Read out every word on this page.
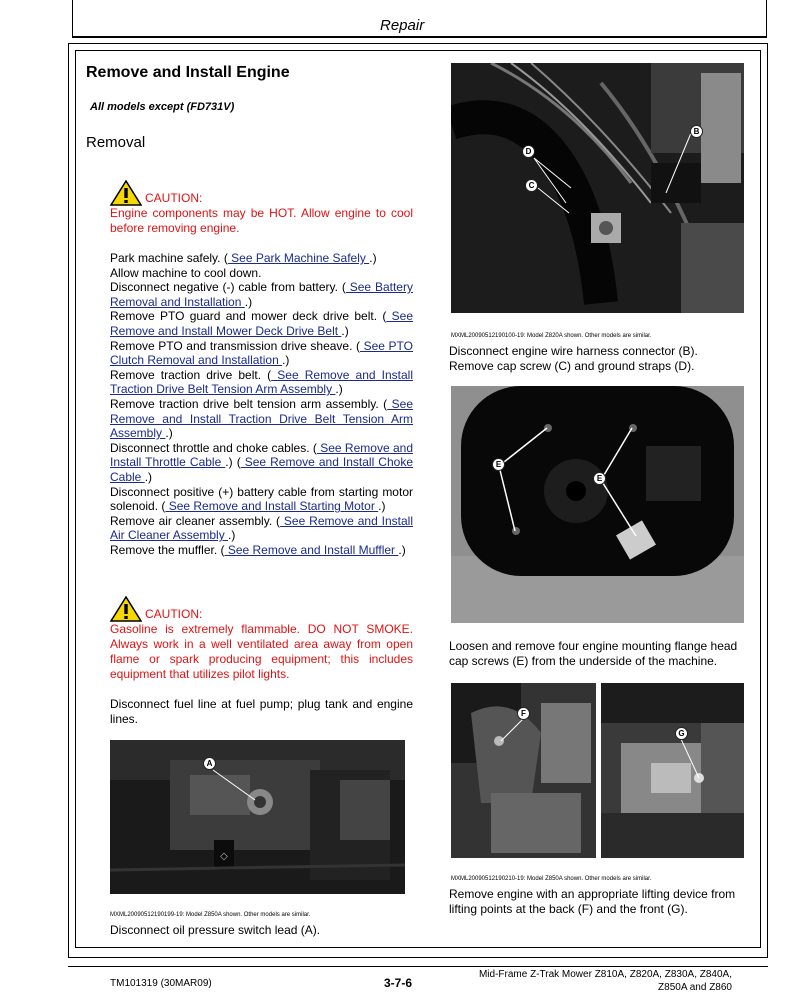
Repair
Remove and Install Engine
All models except (FD731V)
Removal
CAUTION:
Engine components may be HOT. Allow engine to cool before removing engine.
Park machine safely. ( See Park Machine Safely .)
Allow machine to cool down.
Disconnect negative (-) cable from battery. ( See Battery Removal and Installation .)
Remove PTO guard and mower deck drive belt. ( See Remove and Install Mower Deck Drive Belt .)
Remove PTO and transmission drive sheave. ( See PTO Clutch Removal and Installation .)
Remove traction drive belt. ( See Remove and Install Traction Drive Belt Tension Arm Assembly .)
Remove traction drive belt tension arm assembly. ( See Remove and Install Traction Drive Belt Tension Arm Assembly .)
Disconnect throttle and choke cables. ( See Remove and Install Throttle Cable .) ( See Remove and Install Choke Cable .)
Disconnect positive (+) battery cable from starting motor solenoid. ( See Remove and Install Starting Motor .)
Remove air cleaner assembly. ( See Remove and Install Air Cleaner Assembly .)
Remove the muffler. ( See Remove and Install Muffler .)
CAUTION:
Gasoline is extremely flammable. DO NOT SMOKE. Always work in a well ventilated area away from open flame or spark producing equipment; this includes equipment that utilizes pilot lights.
Disconnect fuel line at fuel pump; plug tank and engine lines.
◇
A
MXML20090512190199-19: Model Z850A shown. Other models are similar.
Disconnect oil pressure switch lead (A).
B
D
C
MXML20090512190100-19: Model Z820A shown. Other models are similar.
Disconnect engine wire harness connector (B). Remove cap screw (C) and ground straps (D).
E
E
Loosen and remove four engine mounting flange head cap screws (E) from the underside of the machine.
F
G
MXML20090512190210-19: Model Z850A shown. Other models are similar.
Remove engine with an appropriate lifting device from lifting points at the back (F) and the front (G).
TM101319 (30MAR09)	3-7-6
Mid-Frame Z-Trak Mower Z810A, Z820A, Z830A, Z840A,
Z850A and Z860
